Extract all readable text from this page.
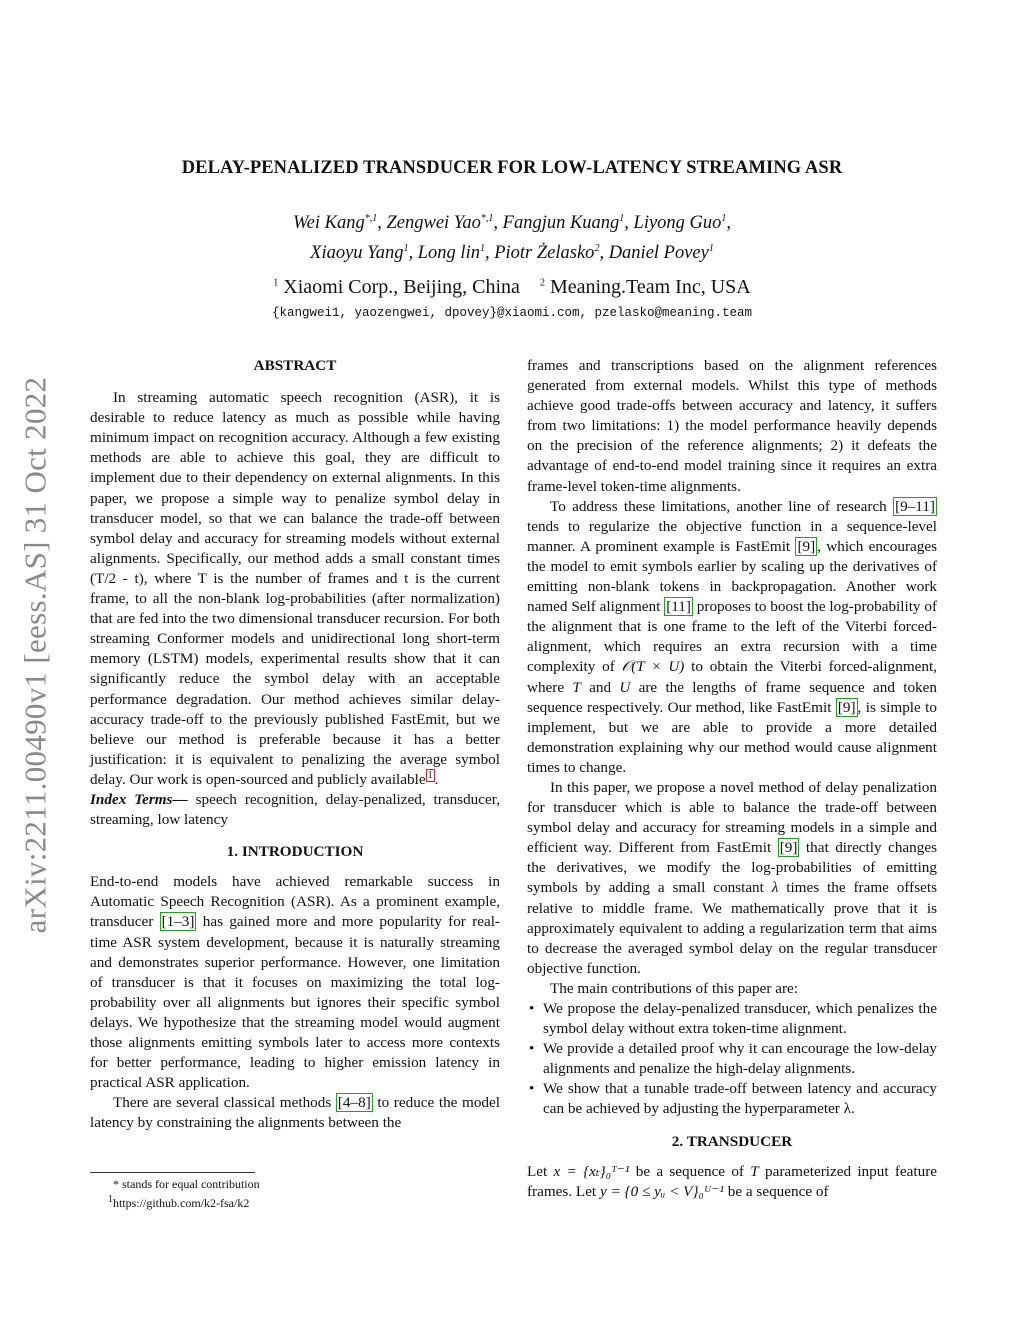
arXiv:2211.00490v1 [eess.AS] 31 Oct 2022
DELAY-PENALIZED TRANSDUCER FOR LOW-LATENCY STREAMING ASR
Wei Kang$^{*,1}$, Zengwei Yao$^{*,1}$, Fangjun Kuang$^1$, Liyong Guo$^1$,
Xiaoyu Yang$^1$, Long lin$^1$, Piotr Żelasko$^2$, Daniel Povey$^1$
$^1$ Xiaomi Corp., Beijing, China $^2$ Meaning.Team Inc, USA
{kangwei1, yaozengwei, dpovey}@xiaomi.com, pzelasko@meaning.team
ABSTRACT

In streaming automatic speech recognition (ASR), it is desirable to reduce latency as much as possible while having minimum impact on recognition accuracy. Although a few existing methods are able to achieve this goal, they are difficult to implement due to their dependency on external alignments. In this paper, we propose a simple way to penalize symbol delay in transducer model, so that we can balance the trade-off between symbol delay and accuracy for streaming models without external alignments. Specifically, our method adds a small constant times (T/2 - t), where T is the number of frames and t is the current frame, to all the non-blank log-probabilities (after normalization) that are fed into the two dimensional transducer recursion. For both streaming Conformer models and unidirectional long short-term memory (LSTM) models, experimental results show that it can significantly reduce the symbol delay with an acceptable performance degradation. Our method achieves similar delay-accuracy trade-off to the previously published FastEmit, but we believe our method is preferable because it has a better justification: it is equivalent to penalizing the average symbol delay. Our work is open-sourced and publicly available $^1$ .

Index Terms— speech recognition, delay-penalized, transducer, streaming, low latency

1. INTRODUCTION

End-to-end models have achieved remarkable success in Automatic Speech Recognition (ASR). As a prominent example, transducer [1–3] has gained more and more popularity for real-time ASR system development, because it is naturally streaming and demonstrates superior performance. However, one limitation of transducer is that it focuses on maximizing the total log-probability over all alignments but ignores their specific symbol delays. We hypothesize that the streaming model would augment those alignments emitting symbols later to access more contexts for better performance, leading to higher emission latency in practical ASR application.

There are several classical methods [4–8] to reduce the model latency by constraining the alignments between the

* stands for equal contribution
$^1$https://github.com/k2-fsa/k2

frames and transcriptions based on the alignment references generated from external models. Whilst this type of methods achieve good trade-offs between accuracy and latency, it suffers from two limitations: 1) the model performance heavily depends on the precision of the reference alignments; 2) it defeats the advantage of end-to-end model training since it requires an extra frame-level token-time alignments.

To address these limitations, another line of research [9–11] tends to regularize the objective function in a sequence-level manner. A prominent example is FastEmit [9] , which encourages the model to emit symbols earlier by scaling up the derivatives of emitting non-blank tokens in backpropagation. Another work named Self alignment [11] proposes to boost the log-probability of the alignment that is one frame to the left of the Viterbi forced-alignment, which requires an extra recursion with a time complexity of 𝒪(T × U) to obtain the Viterbi forced-alignment, where T and U are the lengths of frame sequence and token sequence respectively. Our method, like FastEmit [9] , is simple to implement, but we are able to provide a more detailed demonstration explaining why our method would cause alignment times to change.

In this paper, we propose a novel method of delay penalization for transducer which is able to balance the trade-off between symbol delay and accuracy for streaming models in a simple and efficient way. Different from FastEmit [9] that directly changes the derivatives, we modify the log-probabilities of emitting symbols by adding a small constant λ times the frame offsets relative to middle frame. We mathematically prove that it is approximately equivalent to adding a regularization term that aims to decrease the averaged symbol delay on the regular transducer objective function.

The main contributions of this paper are:

• We propose the delay-penalized transducer, which penalizes the symbol delay without extra token-time alignment.
• We provide a detailed proof why it can encourage the low-delay alignments and penalize the high-delay alignments.
• We show that a tunable trade-off between latency and accuracy can be achieved by adjusting the hyperparameter λ.
2. TRANSDUCER

Let x = {xₜ}₀ᵀ⁻¹ be a sequence of T parameterized input feature frames. Let y = {0 ≤ yᵤ < V}₀ᵁ⁻¹ be a sequence of
